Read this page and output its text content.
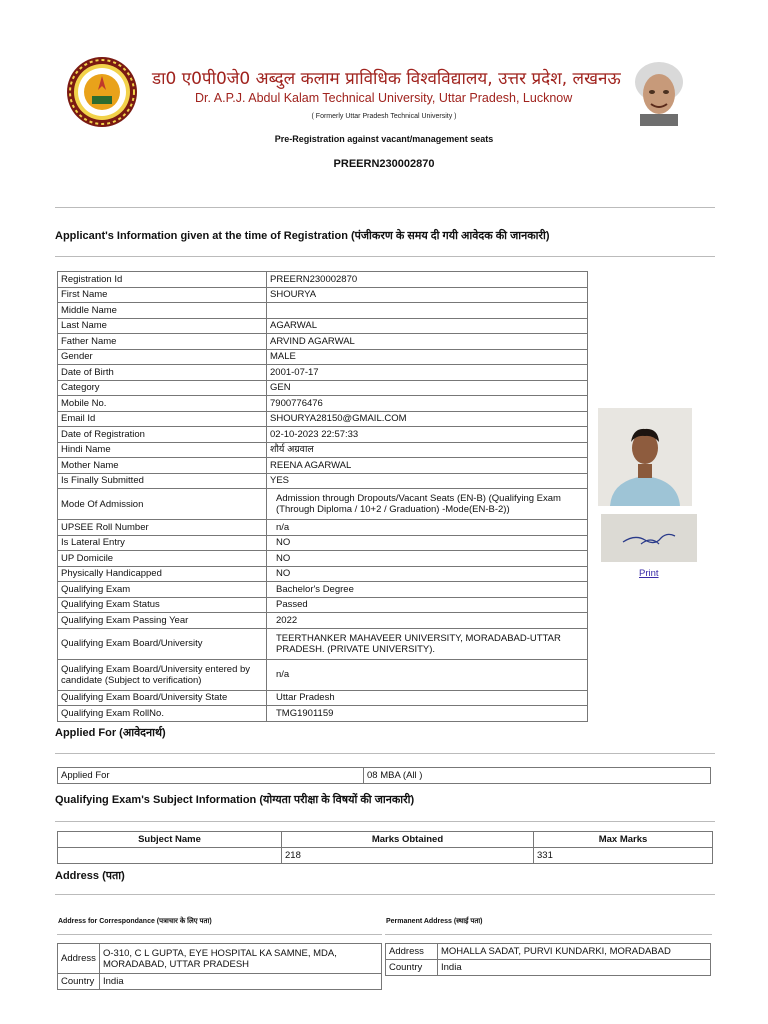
डा0 ए0पी0जे0 अब्दुल कलाम प्राविधिक विश्वविद्यालय, उत्तर प्रदेश, लखनऊ
Dr. A.P.J. Abdul Kalam Technical University, Uttar Pradesh, Lucknow
( Formerly Uttar Pradesh Technical University )
Pre-Registration against vacant/management seats
PREERN230002870
Applicant's Information given at the time of Registration (पंजीकरण के समय दी गयी आवेदक की जानकारी)
Registration Id	PREERN230002870
First Name	SHOURYA
Middle Name	
Last Name	AGARWAL
Father Name	ARVIND AGARWAL
Gender	MALE
Date of Birth	2001-07-17
Category	GEN
Mobile No.	7900776476
Email Id	SHOURYA28150@GMAIL.COM
Date of Registration	02-10-2023 22:57:33
Hindi Name	शौर्य अग्रवाल
Mother Name	REENA AGARWAL
Is Finally Submitted	YES
Mode Of Admission	Admission through Dropouts/Vacant Seats (EN-B) (Qualifying Exam (Through Diploma / 10+2 / Graduation) -Mode(EN-B-2))
UPSEE Roll Number	n/a
Is Lateral Entry	NO
UP Domicile	NO
Physically Handicapped	NO
Qualifying Exam	Bachelor's Degree
Qualifying Exam Status	Passed
Qualifying Exam Passing Year	2022
Qualifying Exam Board/University	TEERTHANKER MAHAVEER UNIVERSITY, MORADABAD-UTTAR PRADESH. (PRIVATE UNIVERSITY).
Qualifying Exam Board/University entered by candidate (Subject to verification)	n/a
Qualifying Exam Board/University State	Uttar Pradesh
Qualifying Exam RollNo.	TMG1901159
Print
Applied For (आवेदनार्थ)
Applied For	08 MBA (All )
Qualifying Exam's Subject Information (योग्यता परीक्षा के विषयों की जानकारी)
Subject Name	Marks Obtained	Max Marks
	218	331
Address (पता)
Address for Correspondance (पत्राचार के लिए पता)	Permanent Address (स्थाई पता)
Address	O-310, C L GUPTA, EYE HOSPITAL KA SAMNE, MDA, MORADABAD, UTTAR PRADESH
Country	India
Address	MOHALLA SADAT, PURVI KUNDARKI, MORADABAD
Country	India
